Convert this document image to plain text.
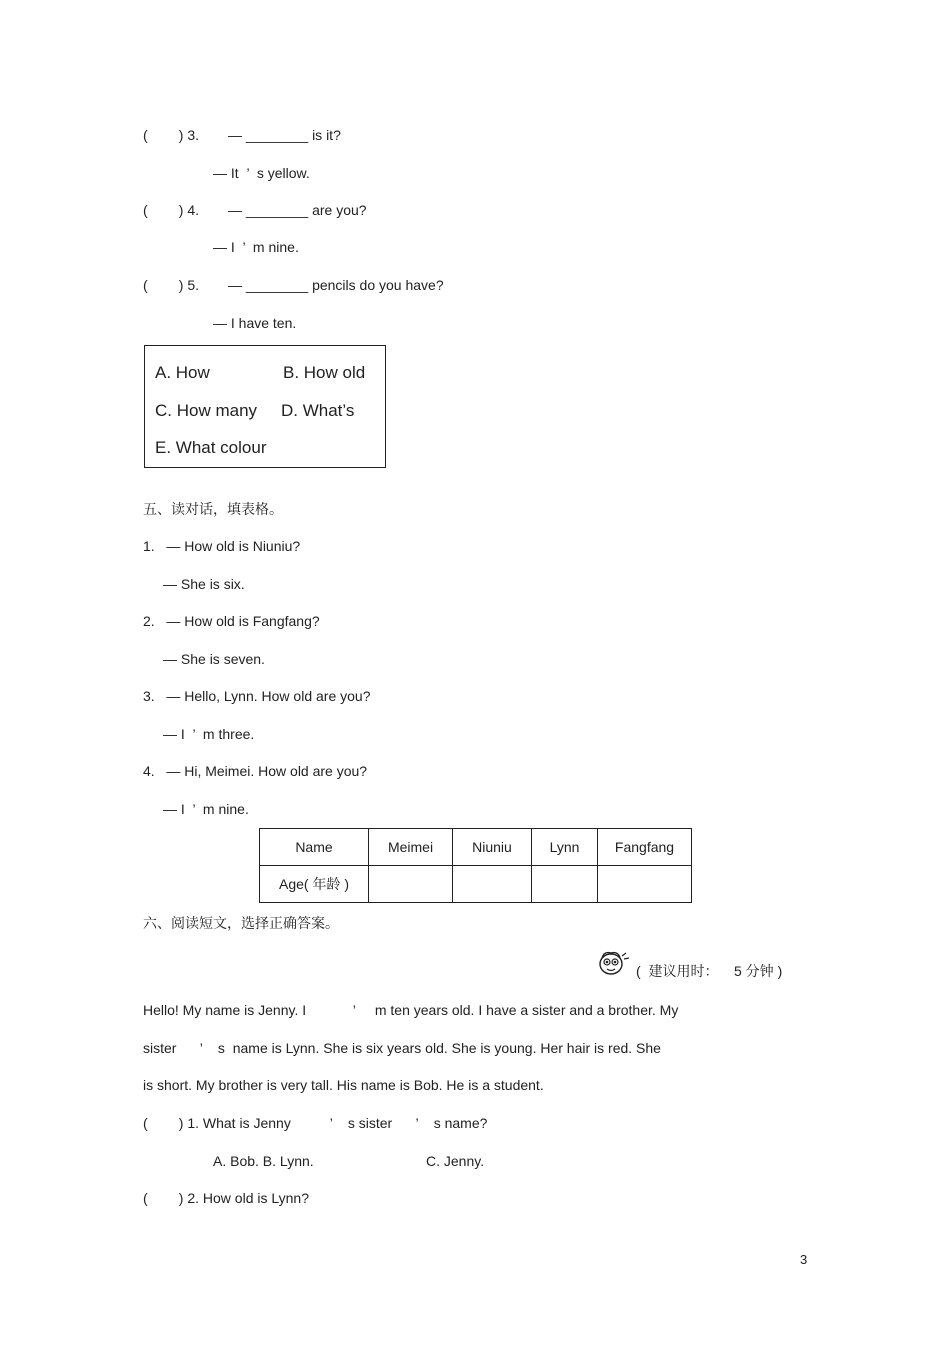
(        ) 3. — ________ is it?
— It  ’  s yellow.
(        ) 4. — ________ are you?
— I  ’  m nine.
(        ) 5. — ________ pencils do you have?
— I have ten.
A. How	B. How old
C. How many D. What’s
E. What colour
五、读对话，填表格。
1.   — How old is Niuniu?
— She is six.
2.   — How old is Fangfang?
— She is seven.
3.   — Hello, Lynn. How old are you?
— I  ’  m three.
4.   — Hi, Meimei. How old are you?
— I  ’  m nine.
Name	Meimei	Niuniu	Lynn	Fangfang
Age( 年龄 )				
六、阅读短文，选择正确答案。
(  建议用时：    5 分钟 )
Hello! My name is Jenny. I            ’     m ten years old. I have a sister and a brother. My
sister      ’    s  name is Lynn. She is six years old. She is young. Her hair is red. She
is short. My brother is very tall. His name is Bob. He is a student.
(        ) 1. What is Jenny          ’    s sister      ’    s name?
A. Bob. B. Lynn.	C. Jenny.
(        ) 2. How old is Lynn?
3
